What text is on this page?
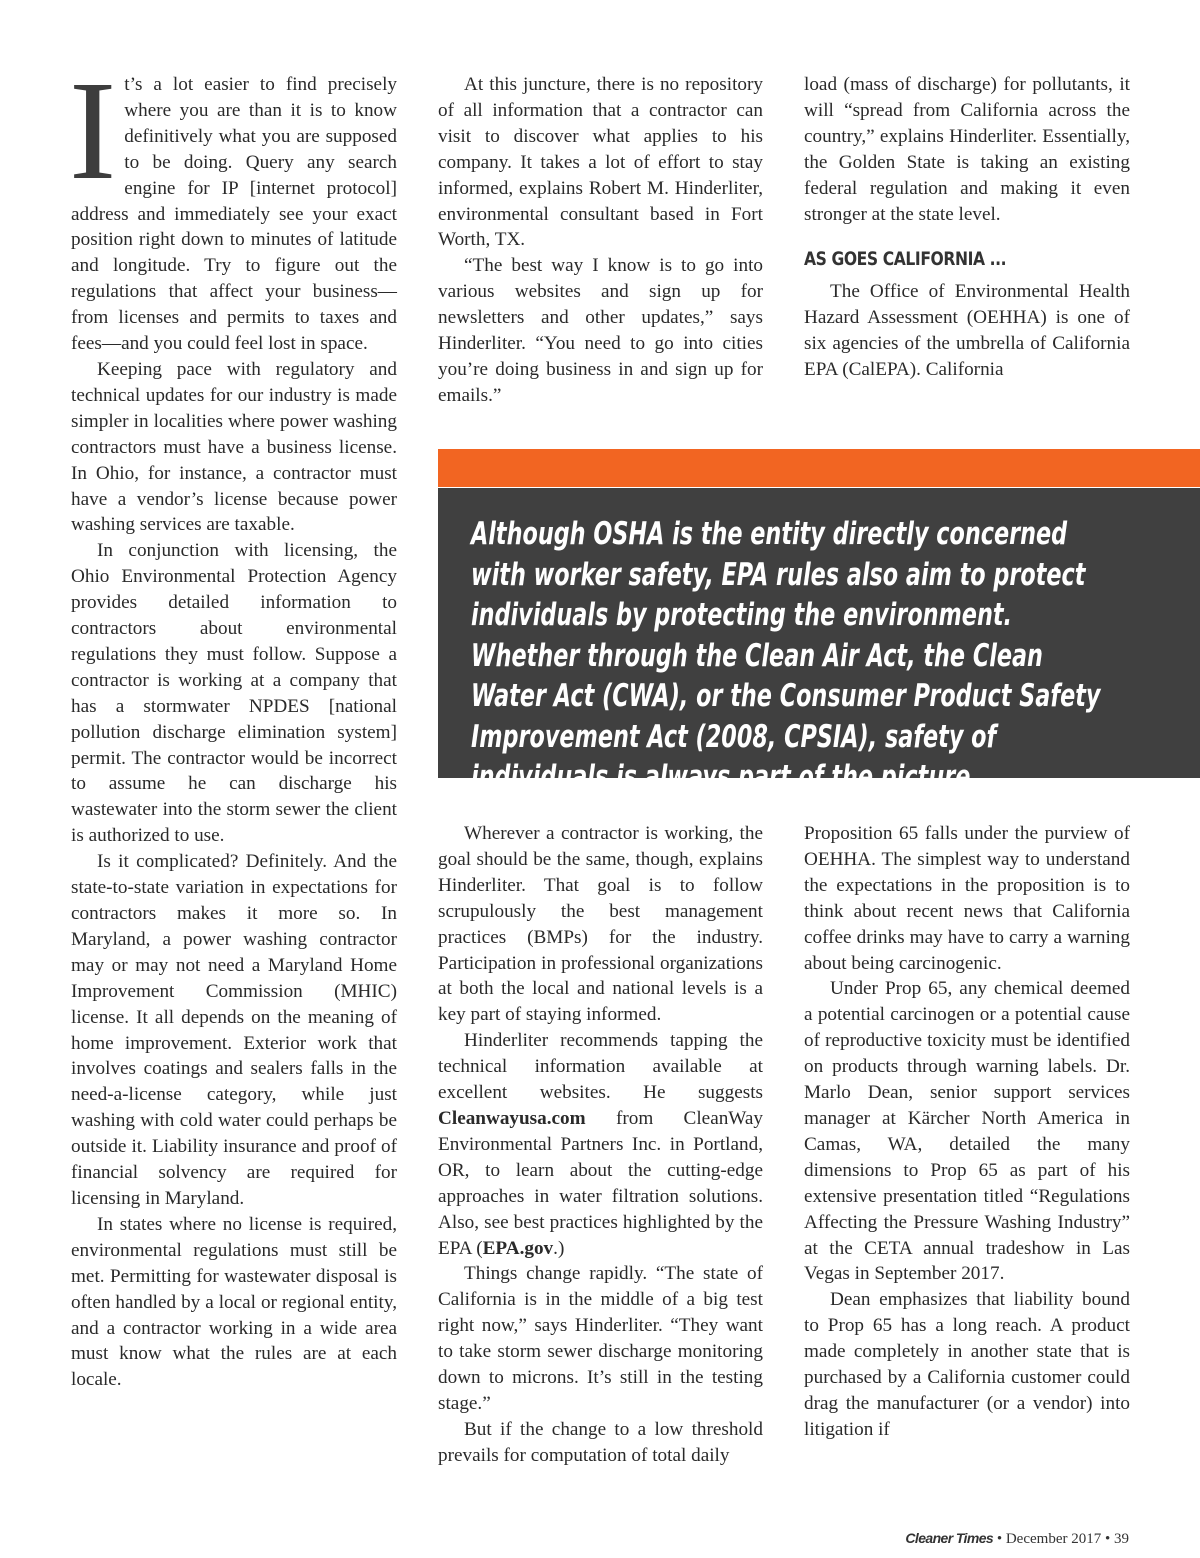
It’s a lot easier to find precisely where you are than it is to know definitively what you are supposed to be doing. Query any search engine for IP [internet protocol] address and immediately see your exact position right down to minutes of latitude and longitude. Try to figure out the regulations that affect your business—from licenses and permits to taxes and fees—and you could feel lost in space.

Keeping pace with regulatory and technical updates for our industry is made simpler in localities where power washing contractors must have a business license. In Ohio, for instance, a contractor must have a vendor’s license because power washing services are taxable.

In conjunction with licensing, the Ohio Environmental Protection Agency provides detailed information to contractors about environmental regulations they must follow. Suppose a contractor is working at a company that has a stormwater NPDES [national pollution discharge elimination system] permit. The contractor would be incorrect to assume he can discharge his wastewater into the storm sewer the client is authorized to use.

Is it complicated? Definitely. And the state-to-state variation in expectations for contractors makes it more so. In Maryland, a power washing contractor may or may not need a Maryland Home Improvement Commission (MHIC) license. It all depends on the meaning of home improvement. Exterior work that involves coatings and sealers falls in the need-a-license category, while just washing with cold water could perhaps be outside it. Liability insurance and proof of financial solvency are required for licensing in Maryland.

In states where no license is required, environmental regulations must still be met. Permitting for wastewater disposal is often handled by a local or regional entity, and a contractor working in a wide area must know what the rules are at each locale.

At this juncture, there is no repository of all information that a contractor can visit to discover what applies to his company. It takes a lot of effort to stay informed, explains Robert M. Hinderliter, environmental consultant based in Fort Worth, TX.

“The best way I know is to go into various websites and sign up for newsletters and other updates,” says Hinderliter. “You need to go into cities you’re doing business in and sign up for emails.”

load (mass of discharge) for pollutants, it will “spread from California across the country,” explains Hinderliter. Essentially, the Golden State is taking an existing federal regulation and making it even stronger at the state level.

AS GOES CALIFORNIA ...

The Office of Environmental Health Hazard Assessment (OEHHA) is one of six agencies of the umbrella of California EPA (CalEPA). California

Although OSHA is the entity directly concerned with worker safety, EPA rules also aim to protect individuals by protecting the environment. Whether through the Clean Air Act, the Clean Water Act (CWA), or the Consumer Product Safety Improvement Act (2008, CPSIA), safety of individuals is always part of the picture.

Wherever a contractor is working, the goal should be the same, though, explains Hinderliter. That goal is to follow scrupulously the best management practices (BMPs) for the industry. Participation in professional organizations at both the local and national levels is a key part of staying informed.

Hinderliter recommends tapping the technical information available at excellent websites. He suggests Cleanwayusa.com from CleanWay Environmental Partners Inc. in Portland, OR, to learn about the cutting-edge approaches in water filtration solutions. Also, see best practices highlighted by the EPA (EPA.gov.)

Things change rapidly. “The state of California is in the middle of a big test right now,” says Hinderliter. “They want to take storm sewer discharge monitoring down to microns. It’s still in the testing stage.”

But if the change to a low threshold prevails for computation of total daily

Proposition 65 falls under the purview of OEHHA. The simplest way to understand the expectations in the proposition is to think about recent news that California coffee drinks may have to carry a warning about being carcinogenic.

Under Prop 65, any chemical deemed a potential carcinogen or a potential cause of reproductive toxicity must be identified on products through warning labels. Dr. Marlo Dean, senior support services manager at Kärcher North America in Camas, WA, detailed the many dimensions to Prop 65 as part of his extensive presentation titled “Regulations Affecting the Pressure Washing Industry” at the CETA annual tradeshow in Las Vegas in September 2017.

Dean emphasizes that liability bound to Prop 65 has a long reach. A product made completely in another state that is purchased by a California customer could drag the manufacturer (or a vendor) into litigation if

Cleaner Times • December 2017 • 39
